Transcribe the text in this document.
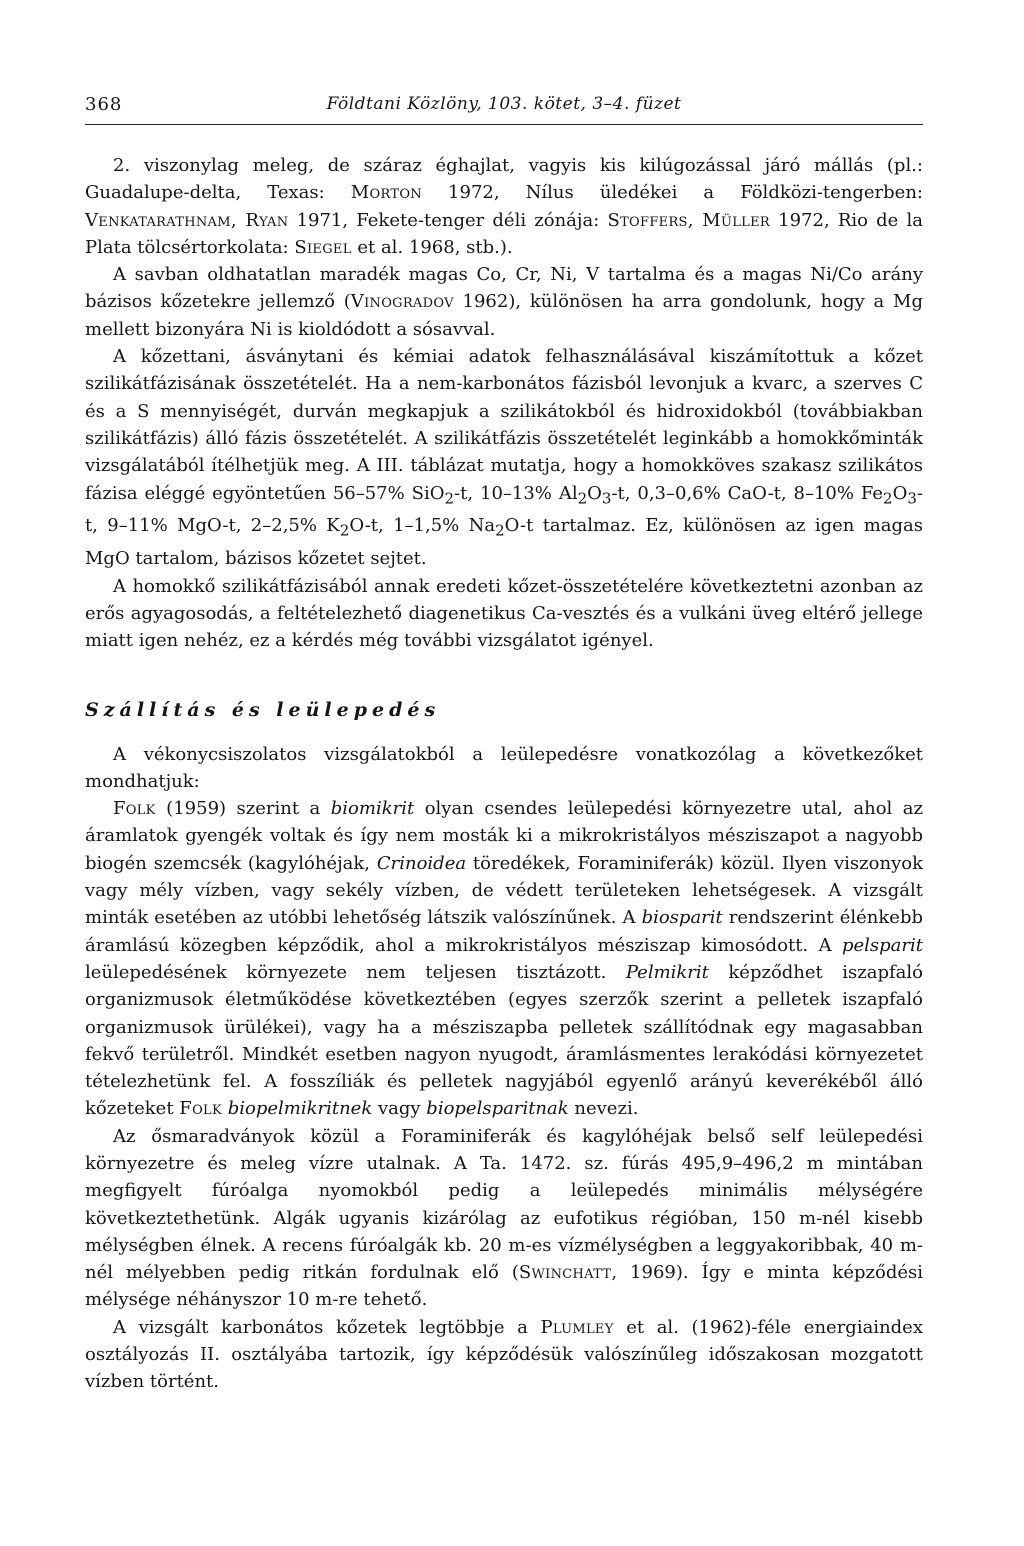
368	Földtani Közlöny, 103. kötet, 3–4. füzet

2. viszonylag meleg, de száraz éghajlat, vagyis kis kilúgozással járó mállás (pl.: Guadalupe-delta, Texas: Morton 1972, Nílus üledékei a Földközi-tengerben: Venkatarathnam, Ryan 1971, Fekete-tenger déli zónája: Stoffers, Müller 1972, Rio de la Plata tölcsértorkolata: Siegel et al. 1968, stb.).

A savban oldhatatlan maradék magas Co, Cr, Ni, V tartalma és a magas Ni/Co arány bázisos kőzetekre jellemző (Vinogradov 1962), különösen ha arra gondolunk, hogy a Mg mellett bizonyára Ni is kioldódott a sósavval.

A kőzettani, ásványtani és kémiai adatok felhasználásával kiszámítottuk a kőzet szilikátfázisának összetételét. Ha a nem-karbonátos fázisból levonjuk a kvarc, a szerves C és a S mennyiségét, durván megkapjuk a szilikátokból és hidroxidokból (továbbiakban szilikátfázis) álló fázis összetételét. A szilikátfázis összetételét leginkább a homokkőminták vizsgálatából ítélhetjük meg. A III. táblázat mutatja, hogy a homokköves szakasz szilikátos fázisa eléggé egyöntetűen 56–57% SiO$_2$-t, 10–13% $Al_2O_3-t$, 0,3–0,6% CaO-t, 8–10% $Fe_2O_3-t$, 9–11% MgO-t, 2–2,5% $K_2O-t$, 1–1,5% $Na_2O-t$ tartalmaz. Ez, különösen az igen magas MgO tartalom, bázisos kőzetet sejtet.

A homokkő szilikátfázisából annak eredeti kőzet-összetételére következtetni azonban az erős agyagosodás, a feltételezhető diagenetikus Ca-vesztés és a vulkáni üveg eltérő jellege miatt igen nehéz, ez a kérdés még további vizsgálatot igényel.

Szállítás és leülepedés

A vékonycsiszolatos vizsgálatokból a leülepedésre vonatkozólag a következőket mondhatjuk:

Folk (1959) szerint a biomikrit olyan csendes leülepedési környezetre utal, ahol az áramlatok gyengék voltak és így nem mosták ki a mikrokristályos mésziszapot a nagyobb biogén szemcsék (kagylóhéjak, Crinoidea töredékek, Foraminiferák) közül. Ilyen viszonyok vagy mély vízben, vagy sekély vízben, de védett területeken lehetségesek. A vizsgált minták esetében az utóbbi lehetőség látszik valószínűnek. A biosparit rendszerint élénkebb áramlású közegben képződik, ahol a mikrokristályos mésziszap kimosódott. A pelsparit leülepedésének környezete nem teljesen tisztázott. Pelmikrit képződhet iszapfaló organizmusok életműködése következtében (egyes szerzők szerint a pelletek iszapfaló organizmusok ürülékei), vagy ha a mésziszapba pelletek szállítódnak egy magasabban fekvő területről. Mindkét esetben nagyon nyugodt, áramlásmentes lerakódási környezetet tételezhetünk fel. A fosszíliák és pelletek nagyjából egyenlő arányú keverékéből álló kőzeteket Folk biopelmikritnek vagy biopelsparitnak nevezi.

Az ősmaradványok közül a Foraminiferák és kagylóhéjak belső self leülepedési környezetre és meleg vízre utalnak. A Ta. 1472. sz. fúrás 495,9–496,2 m mintában megfigyelt fúróalga nyomokból pedig a leülepedés minimális mélységére következtethetünk. Algák ugyanis kizárólag az eufotikus régióban, 150 m-nél kisebb mélységben élnek. A recens fúróalgák kb. 20 m-es vízmélységben a leggyakoribbak, 40 m-nél mélyebben pedig ritkán fordulnak elő (Swinchatt, 1969). Így e minta képződési mélysége néhányszor 10 m-re tehető.

A vizsgált karbonátos kőzetek legtöbbje a Plumley et al. (1962)-féle energiaindex osztályozás II. osztályába tartozik, így képződésük valószínűleg időszakosan mozgatott vízben történt.
